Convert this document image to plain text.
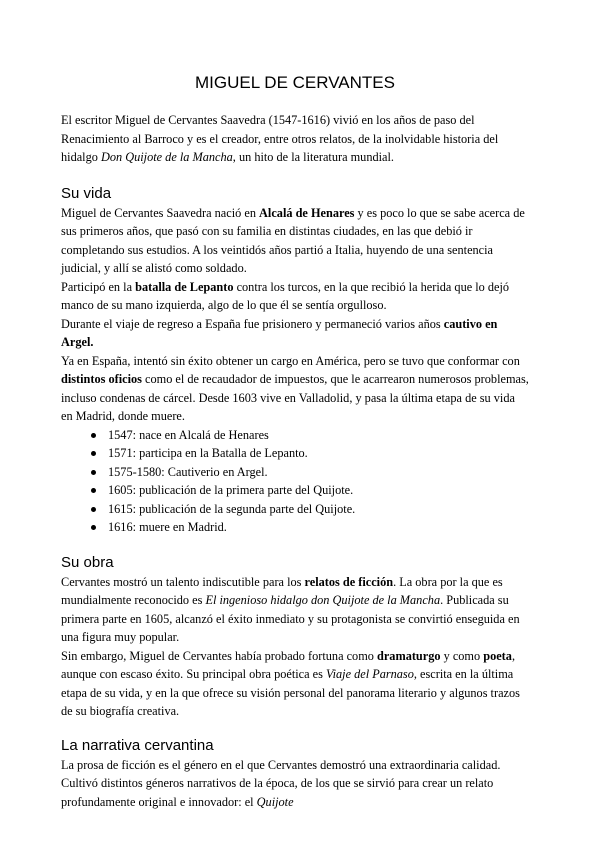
MIGUEL DE CERVANTES

El escritor Miguel de Cervantes Saavedra (1547-1616) vivió en los años de paso del Renacimiento al Barroco y es el creador, entre otros relatos, de la inolvidable historia del hidalgo Don Quijote de la Mancha, un hito de la literatura mundial.

Su vida

Miguel de Cervantes Saavedra nació en Alcalá de Henares y es poco lo que se sabe acerca de sus primeros años, que pasó con su familia en distintas ciudades, en las que debió ir completando sus estudios. A los veintidós años partió a Italia, huyendo de una sentencia judicial, y allí se alistó como soldado.

Participó en la batalla de Lepanto contra los turcos, en la que recibió la herida que lo dejó manco de su mano izquierda, algo de lo que él se sentía orgulloso.

Durante el viaje de regreso a España fue prisionero y permaneció varios años cautivo en Argel.

Ya en España, intentó sin éxito obtener un cargo en América, pero se tuvo que conformar con distintos oficios como el de recaudador de impuestos, que le acarrearon numerosos problemas, incluso condenas de cárcel. Desde 1603 vive en Valladolid, y pasa la última etapa de su vida en Madrid, donde muere.

1547: nace en Alcalá de Henares
1571: participa en la Batalla de Lepanto.
1575-1580: Cautiverio en Argel.
1605: publicación de la primera parte del Quijote.
1615: publicación de la segunda parte del Quijote.
1616: muere en Madrid.
Su obra

Cervantes mostró un talento indiscutible para los relatos de ficción. La obra por la que es mundialmente reconocido es El ingenioso hidalgo don Quijote de la Mancha. Publicada su primera parte en 1605, alcanzó el éxito inmediato y su protagonista se convirtió enseguida en una figura muy popular.

Sin embargo, Miguel de Cervantes había probado fortuna como dramaturgo y como poeta, aunque con escaso éxito. Su principal obra poética es Viaje del Parnaso, escrita en la última etapa de su vida, y en la que ofrece su visión personal del panorama literario y algunos trazos de su biografía creativa.

La narrativa cervantina

La prosa de ficción es el género en el que Cervantes demostró una extraordinaria calidad.

Cultivó distintos géneros narrativos de la época, de los que se sirvió para crear un relato profundamente original e innovador: el Quijote
